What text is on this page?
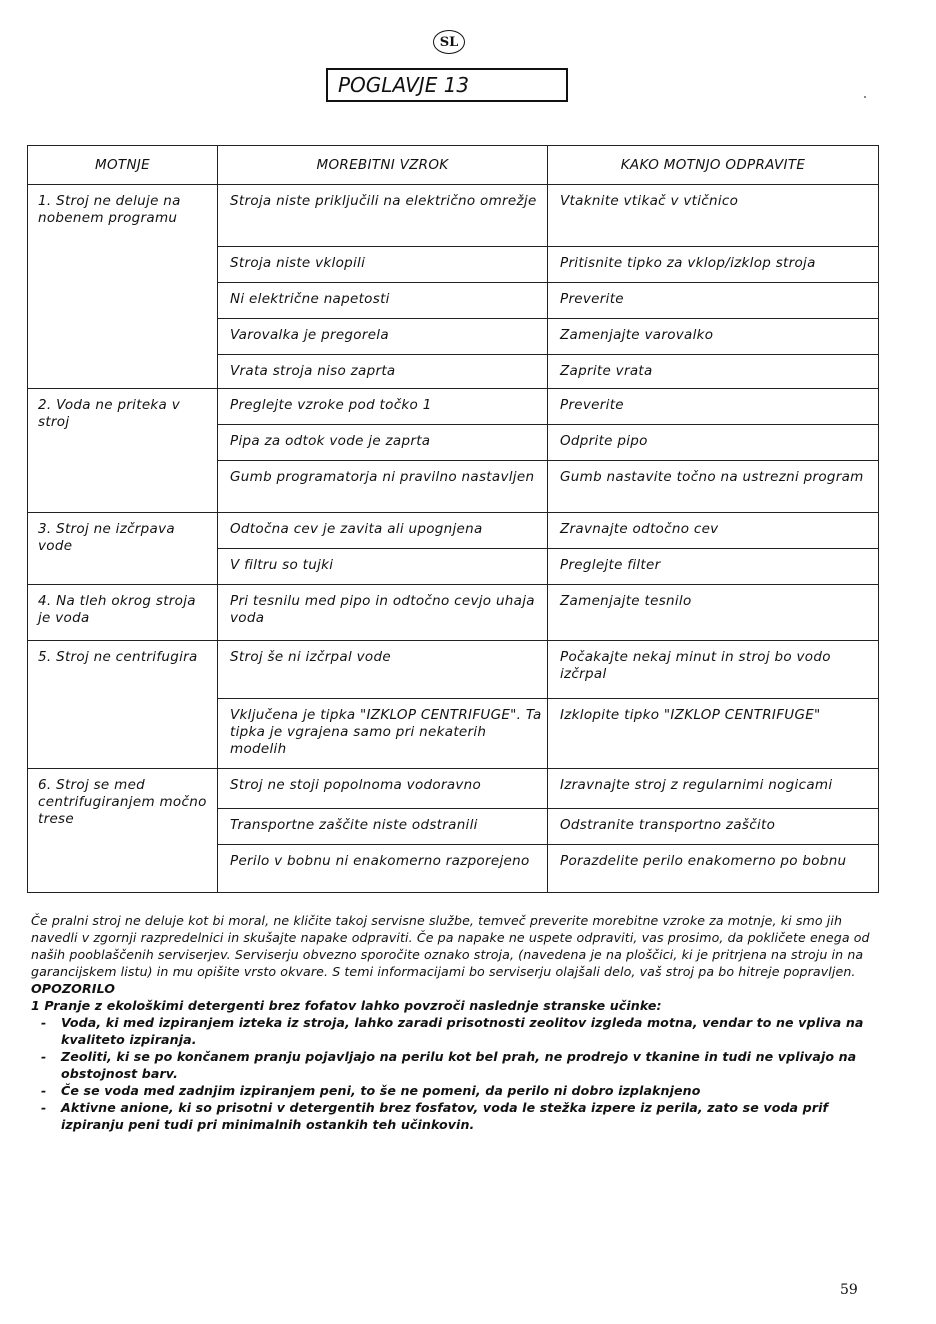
SL
POGLAVJE 13
MOTNJE	MOREBITNI VZROK	KAKO MOTNJO ODPRAVITE
1. Stroj ne deluje na nobenem programu	Stroja niste priključili na električno omrežje	Vtaknite vtikač v vtičnico
	Stroja niste vklopili	Pritisnite tipko za vklop/izklop stroja
	Ni električne napetosti	Preverite
	Varovalka je pregorela	Zamenjajte varovalko
	Vrata stroja niso zaprta	Zaprite vrata
2. Voda ne priteka v stroj	Preglejte vzroke pod točko 1	Preverite
	Pipa za odtok vode je zaprta	Odprite pipo
	Gumb programatorja ni pravilno nastavljen	Gumb nastavite točno na ustrezni program
3. Stroj ne izčrpava vode	Odtočna cev je zavita ali upognjena	Zravnajte odtočno cev
	V filtru so tujki	Preglejte filter
4. Na tleh okrog stroja je voda	Pri tesnilu med pipo in odtočno cevjo uhaja voda	Zamenjajte tesnilo
5. Stroj ne centrifugira	Stroj še ni izčrpal vode	Počakajte nekaj minut in stroj bo vodo izčrpal
	Vključena je tipka "IZKLOP CENTRIFUGE". Ta tipka je vgrajena samo pri nekaterih modelih	Izklopite tipko "IZKLOP CENTRIFUGE"
6. Stroj se med centrifugiranjem močno trese	Stroj ne stoji popolnoma vodoravno	Izravnajte stroj z regularnimi nogicami
	Transportne zaščite niste odstranili	Odstranite transportno zaščito
	Perilo v bobnu ni enakomerno razporejeno	Porazdelite perilo enakomerno po bobnu

Če pralni stroj ne deluje kot bi moral, ne kličite takoj servisne službe, temveč preverite morebitne vzroke za motnje, ki smo jih navedli v zgornji razpredelnici in skušajte napake odpraviti. Če pa napake ne uspete odpraviti, vas prosimo, da pokličete enega od naših pooblaščenih serviserjev. Serviserju obvezno sporočite oznako stroja, (navedena je na ploščici, ki je pritrjena na stroju in na garancijskem listu) in mu opišite vrsto okvare. S temi informacijami bo serviserju olajšali delo, vaš stroj pa bo hitreje popravljen.

OPOZORILO

1 Pranje z ekološkimi detergenti brez fofatov lahko povzroči naslednje stranske učinke:

- Voda, ki med izpiranjem izteka iz stroja, lahko zaradi prisotnosti zeolitov izgleda motna, vendar to ne vpliva na kvaliteto izpiranja.
- Zeoliti, ki se po končanem pranju pojavljajo na perilu kot bel prah, ne prodrejo v tkanine in tudi ne vplivajo na obstojnost barv.
- Če se voda med zadnjim izpiranjem peni, to še ne pomeni, da perilo ni dobro izplaknjeno
- Aktivne anione, ki so prisotni v detergentih brez fosfatov, voda le stežka izpere iz perila, zato se voda prif izpiranju peni tudi pri minimalnih ostankih teh učinkovin.
59
